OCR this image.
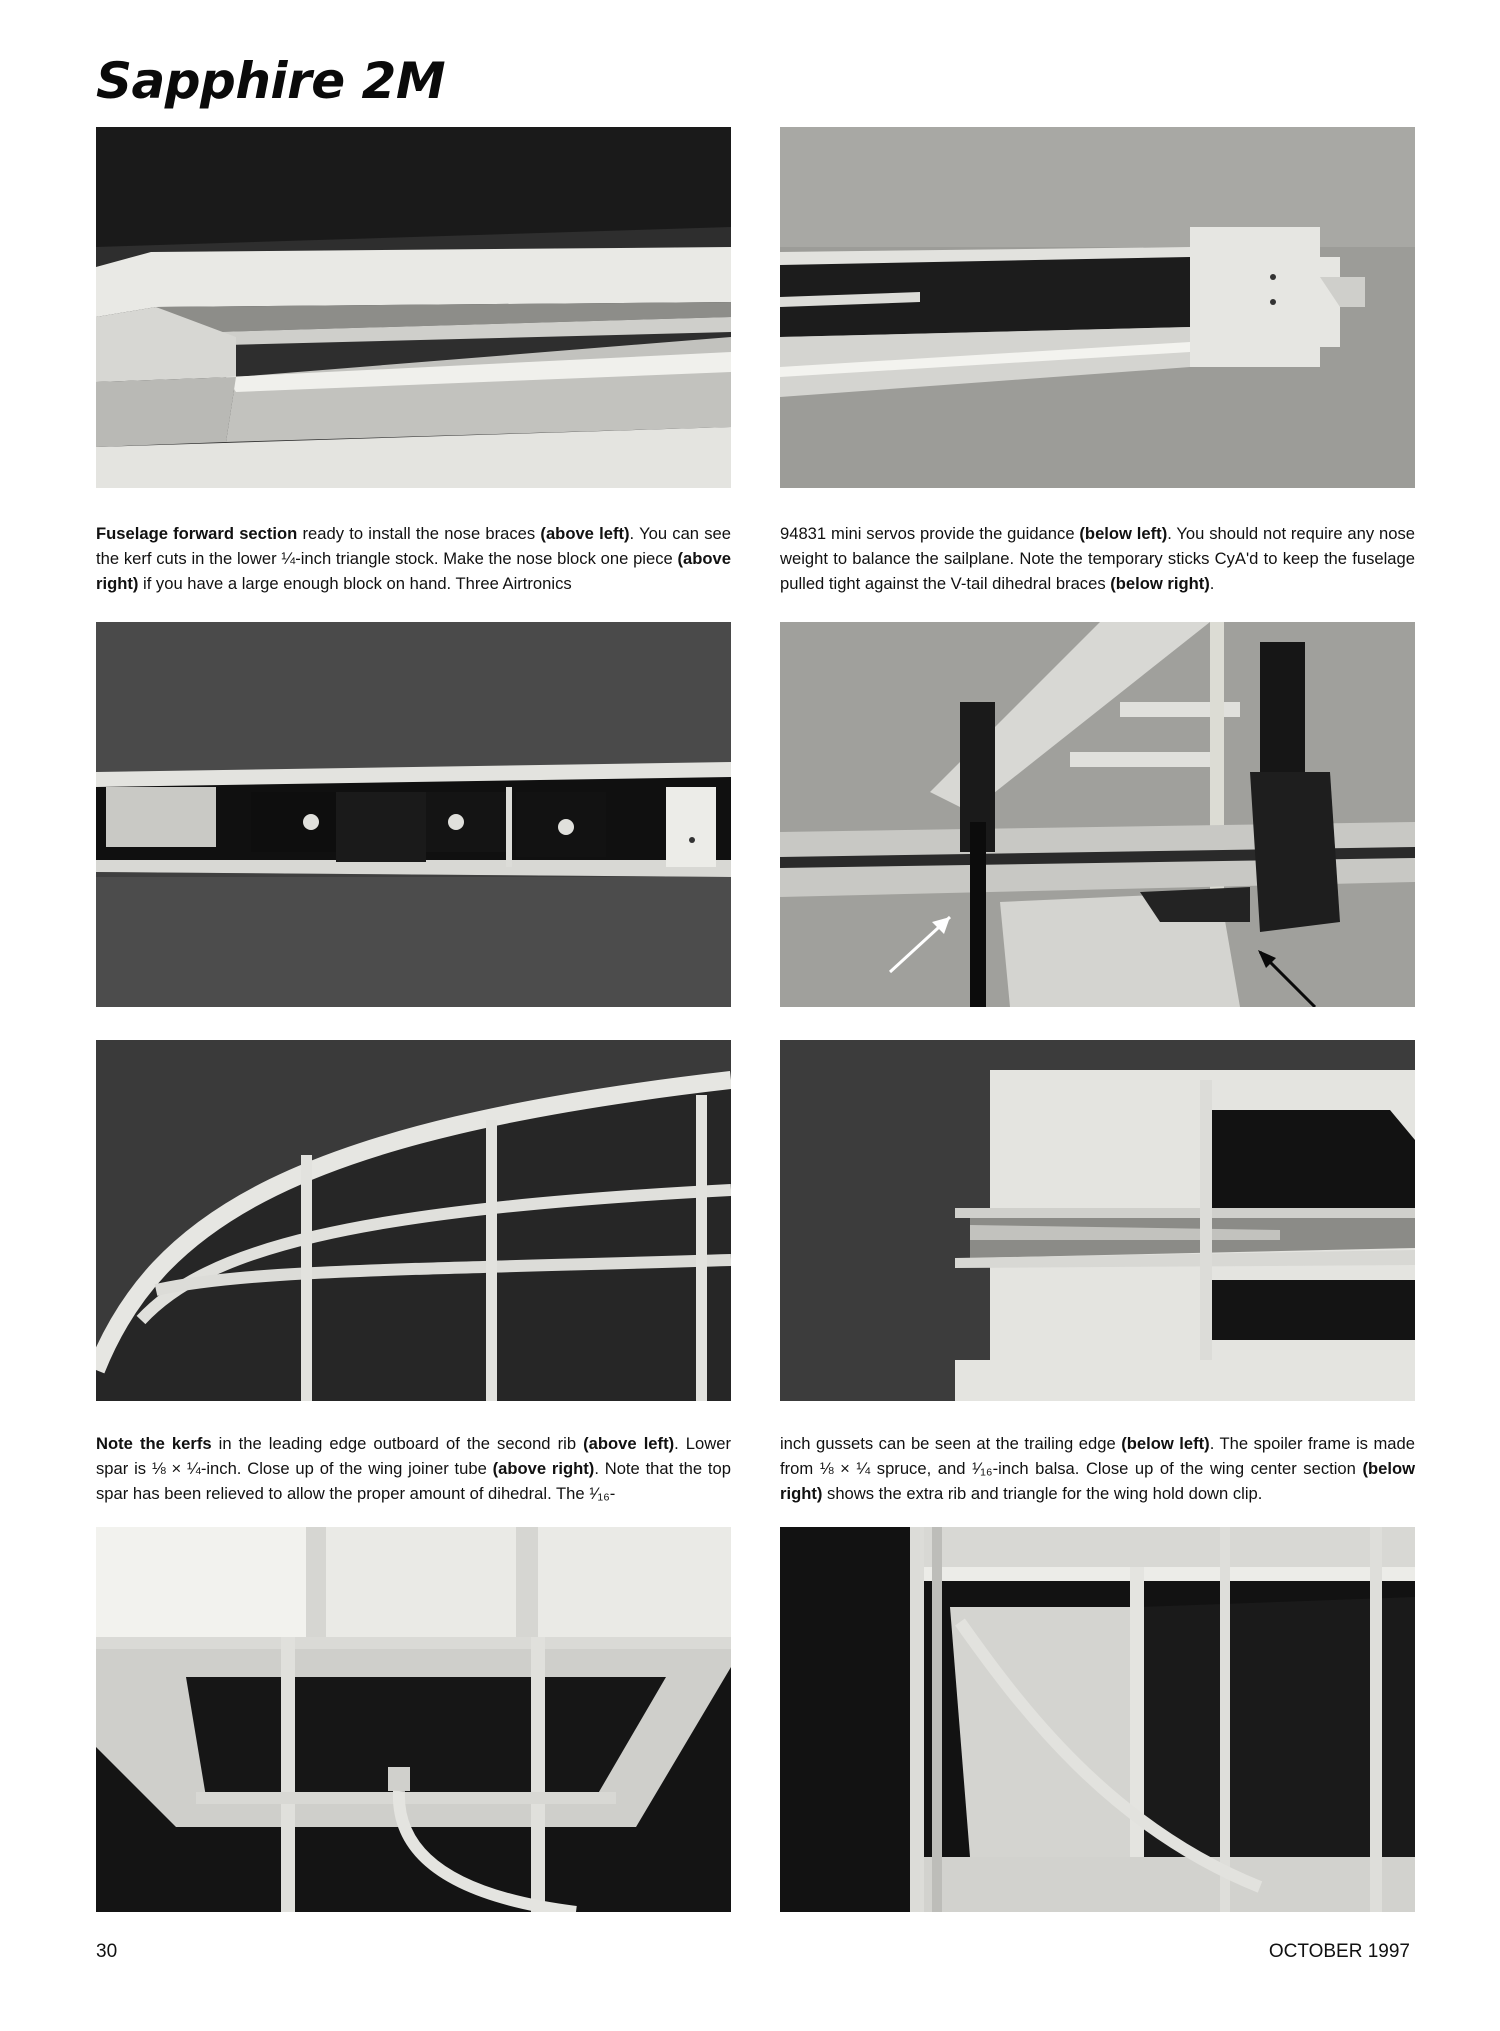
Sapphire 2M

Fuselage forward section ready to install the nose braces (above left). You can see the kerf cuts in the lower ¼-inch triangle stock. Make the nose block one piece (above right) if you have a large enough block on hand. Three Airtronics

94831 mini servos provide the guidance (below left). You should not require any nose weight to balance the sailplane. Note the temporary sticks CyA'd to keep the fuselage pulled tight against the V-tail dihedral braces (below right).

Note the kerfs in the leading edge outboard of the second rib (above left). Lower spar is ⅛ × ¼-inch. Close up of the wing joiner tube (above right). Note that the top spar has been relieved to allow the proper amount of dihedral. The ¹⁄₁₆-

inch gussets can be seen at the trailing edge (below left). The spoiler frame is made from ⅛ × ¼ spruce, and ¹⁄₁₆-inch balsa. Close up of the wing center section (below right) shows the extra rib and triangle for the wing hold down clip.

30	OCTOBER 1997
